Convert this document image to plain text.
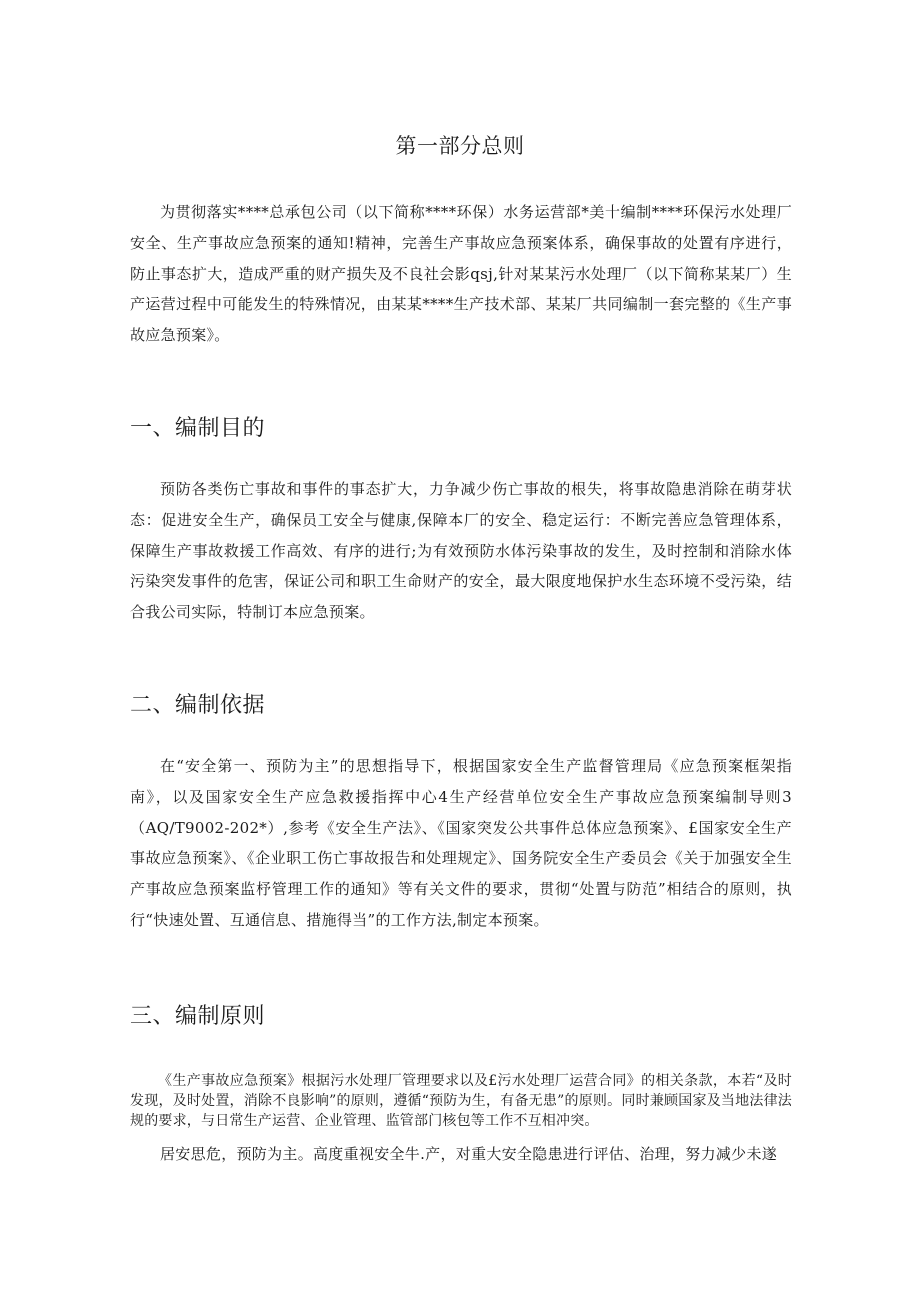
第一部分总则

为贯彻落实****总承包公司（以下简称****环保）水务运营部*美十编制****环保污水处理厂安全、生产事故应急预案的通知!精神，完善生产事故应急预案体系，确保事故的处置有序进行，防止事态扩大，造成严重的财产损失及不良社会影qsj,针对某某污水处理厂（以下简称某某厂）生产运营过程中可能发生的特殊情况，由某某****生产技术部、某某厂共同编制一套完整的《生产事故应急预案》。

一、编制目的

预防各类伤亡事故和事件的事态扩大，力争减少伤亡事故的根失，将事故隐患消除在萌芽状态：促进安全生产，确保员工安全与健康,保障本厂的安全、稳定运行：不断完善应急管理体系，保障生产事故救援工作高效、有序的进行;为有效预防水体污染事故的发生，及时控制和消除水体污染突发事件的危害，保证公司和职工生命财产的安全，最大限度地保护水生态环境不受污染，结合我公司实际，特制订本应急预案。

二、编制依据

在“安全第一、预防为主”的思想指导下，根据国家安全生产监督管理局《应急预案框架指南》，以及国家安全生产应急救援指挥中心4生产经营单位安全生产事故应急预案编制导则3（AQ/T9002-202*）,参考《安全生产法》、《国家突发公共事件总体应急预案》、£国家安全生产事故应急预案》、《企业职工伤亡事故报告和处理规定》、国务院安全生产委员会《关于加强安全生产事故应急预案监杼管理工作的通知》等有关文件的要求，贯彻“处置与防范”相结合的原则，执行“快速处置、互通信息、措施得当”的工作方法,制定本预案。

三、编制原则

《生产事故应急预案》根据污水处理厂管理要求以及£污水处理厂运营合同》的相关条款，本若“及时发现，及时处置，消除不良影响”的原则，遵循“预防为生，有备无患”的原则。同时兼顾国家及当地法律法规的要求，与日常生产运营、企业管理、监管部门核包等工作不互相冲突。

居安思危，预防为主。高度重视安全牛.产，对重大安全隐患进行评估、治理，努力减少未遂
